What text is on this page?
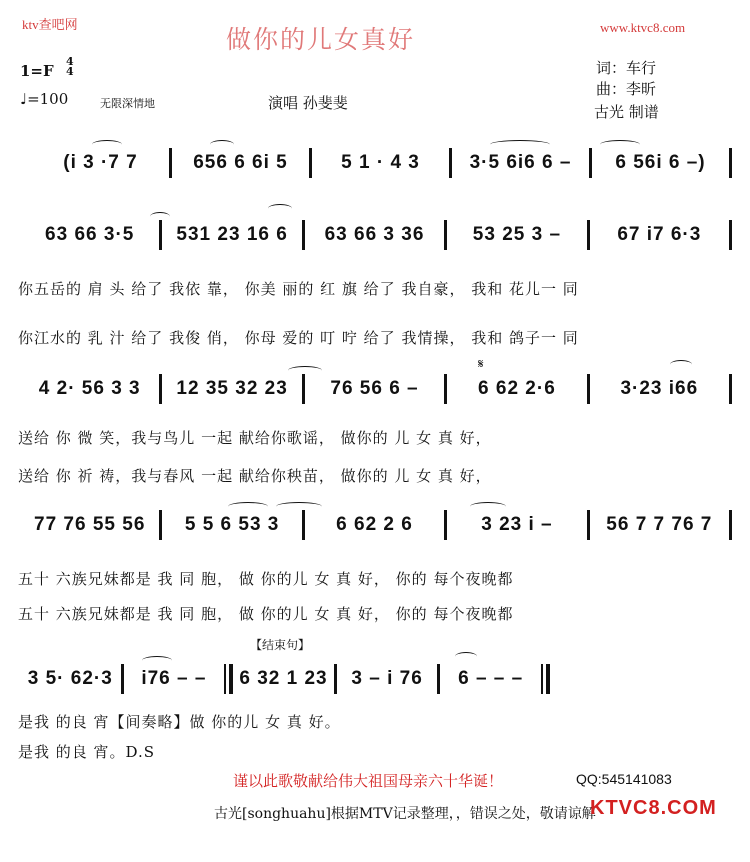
ktv查吧网	www.ktvc8.com
做你的儿女真好
1=F
4
4
♩=100	无限深情地	演唱 孙斐斐
词：车行
曲：李昕
古光 制谱
(i 3 ·7 7	656 6 6i 5	5 1 · 4 3	3·5 6i6 6 –	6 56i 6 –)
63 66 3·5	531 23 16 6	63 66 3 36	53 25 3 –	67 i7 6·3
你五岳的 肩 头 给了 我依 靠， 你美 丽的 红 旗 给了 我自豪， 我和 花儿一 同
你江水的 乳 汁 给了 我俊 俏， 你母 爱的 叮 咛 给了 我情操， 我和 鸽子一 同
4 2· 56 3 3	12 35 32 23	76 56 6 –	6 62 2·6	3·23 i66
𝄋
送给 你 微 笑，我与鸟儿 一起 献给你歌谣， 做你的 儿 女 真 好，
送给 你 祈 祷，我与春风 一起 献给你秧苗， 做你的 儿 女 真 好，
77 76 55 56	5 5 6 53 3	6 62 2 6	3 23 i –	56 7 7 76 7
五十 六族兄妹都是 我 同 胞， 做 你的儿 女 真 好， 你的 每个夜晚都
五十 六族兄妹都是 我 同 胞， 做 你的儿 女 真 好， 你的 每个夜晚都
【结束句】
3 5· 62·3	i76 – –	6 32 1 23	3 – i 76	6 – – –
是我 的良 宵【间奏略】做 你的儿 女 真 好。
是我 的良 宵。D.S
谨以此歌敬献给伟大祖国母亲六十华诞！	QQ:545141083
古光[songhuahu]根据MTV记录整理，，错误之处，敬请谅解
KTVC8.COM
